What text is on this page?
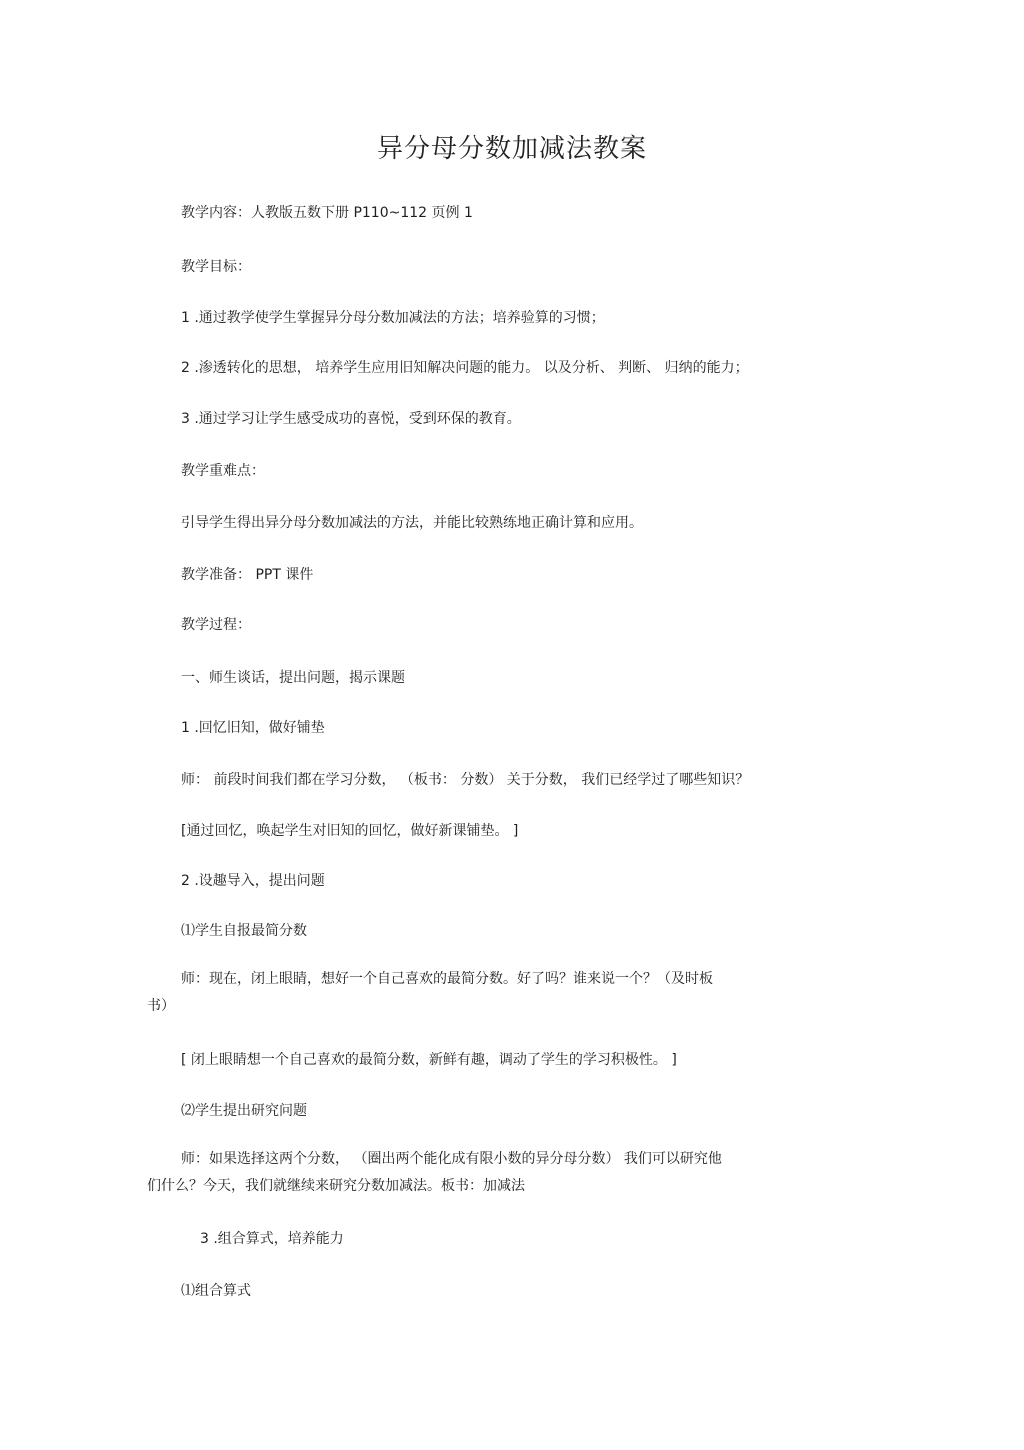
异分母分数加减法教案
教学内容：人教版五数下册 P110~112 页例 1
教学目标：
1 .通过教学使学生掌握异分母分数加减法的方法；培养验算的习惯；
2 .渗透转化的思想， 培养学生应用旧知解决问题的能力。 以及分析、 判断、 归纳的能力；
3 .通过学习让学生感受成功的喜悦，受到环保的教育。
教学重难点：
引导学生得出异分母分数加减法的方法，并能比较熟练地正确计算和应用。
教学准备： PPT 课件
教学过程：
一、师生谈话，提出问题，揭示课题
1 .回忆旧知，做好铺垫
师： 前段时间我们都在学习分数， （板书： 分数） 关于分数， 我们已经学过了哪些知识？
[通过回忆，唤起学生对旧知的回忆，做好新课铺垫。 ]
2 .设趣导入，提出问题
⑴学生自报最简分数
师：现在，闭上眼睛，想好一个自己喜欢的最简分数。好了吗？谁来说一个？（及时板
书）
[ 闭上眼睛想一个自己喜欢的最简分数，新鲜有趣，调动了学生的学习积极性。 ]
⑵学生提出研究问题
师：如果选择这两个分数， （圈出两个能化成有限小数的异分母分数） 我们可以研究他
们什么？今天，我们就继续来研究分数加减法。板书：加减法
3 .组合算式，培养能力
⑴组合算式
